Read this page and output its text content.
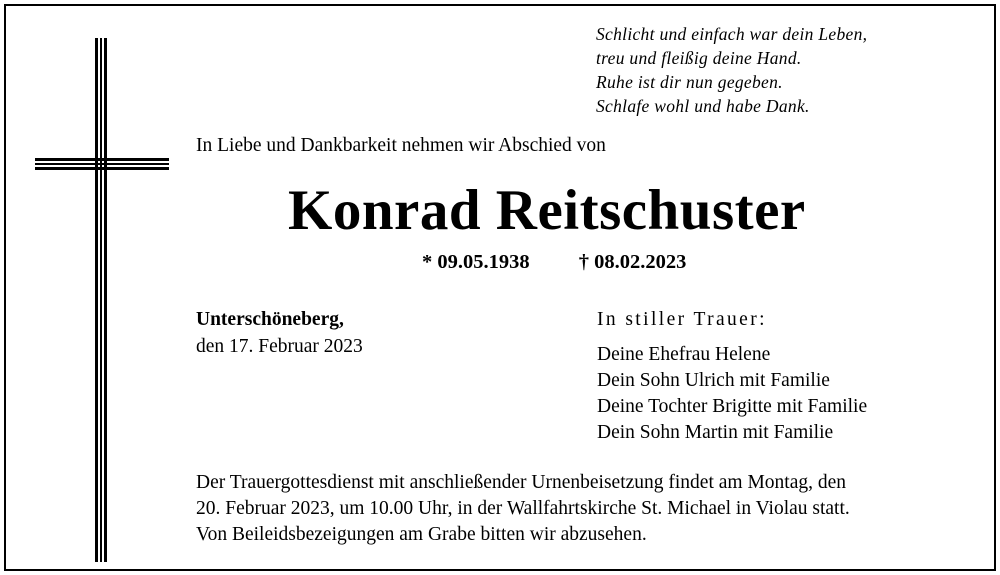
Schlicht und einfach war dein Leben,
treu und fleißig deine Hand.
Ruhe ist dir nun gegeben.
Schlafe wohl und habe Dank.
In Liebe und Dankbarkeit nehmen wir Abschied von
Konrad Reitschuster
* 09.05.1938 † 08.02.2023
Unterschöneberg,
den 17. Februar 2023
In stiller Trauer:
Deine Ehefrau Helene
Dein Sohn Ulrich mit Familie
Deine Tochter Brigitte mit Familie
Dein Sohn Martin mit Familie
Der Trauergottesdienst mit anschließender Urnenbeisetzung findet am Montag, den
20. Februar 2023, um 10.00 Uhr, in der Wallfahrtskirche St. Michael in Violau statt.
Von Beileidsbezeigungen am Grabe bitten wir abzusehen.
